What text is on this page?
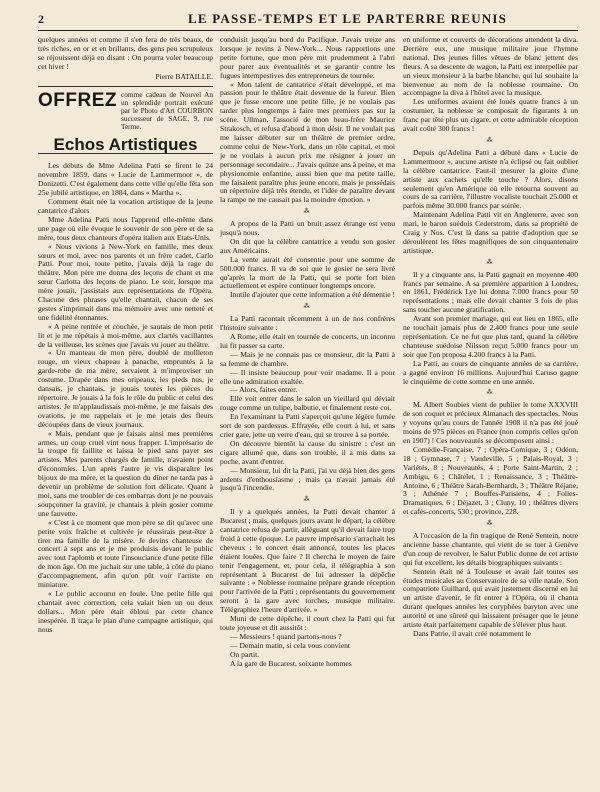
2	LE PASSE-TEMPS ET LE PARTERRE REUNIS

quelques années et comme il s'en fera de très beaux, de très riches, en or et en brillants, des gens peu scrupuleux se réjouissent déjà en disant : On pourra voler beaucoup cet hiver !

Pierre BATAILLE.
OFFREZ comme cadeau de Nouvel An un splendide portrait exécuté par le Photo d'Art COURBON successeur de SAGE, 9, rue Terme.
Echos Artistiques

Les débuts de Mme Adelina Patti se firent le 24 novembre 1859, dans « Lucie de Lammermoor », de Donizetti. C'est également dans cette ville qu'elle fêta son 25e jubilé artistique, en 1884, dans « Martha ».

Comment était née la vocation artistique de la jeune cantatrice d'alors

Mme Adelina Patti nous l'apprend elle-même dans une page où elle évoque le souvenir de son père et de sa mère, tous deux chanteurs d'opéra italien aux Etats-Unis.

« Nous vivions à New-York en famille, mes deux sœurs et moi, avec nos parents et un frère cadet, Carlo Patti. Pour moi, toute petite, j'avais déjà la rage du théâtre. Mon père me donna des leçons de chant et ma sœur Carlotta des leçons de piano. Le soir, lorsque ma mère jouait, j'assistais aux représentations de l'Opéra. Chacune des phrases qu'elle chantait, chacun de ses gestes s'imprimait dans ma mémoire avec une netteté et une fidélité étonnantes.

« A peine rentrée et couchée, je sautais de mon petit lit et je me répétais à moi-même, aux clartés vacillantes de la veilleuse, les scènes que j'avais vu jouer au théâtre.

« Un manteau de mon père, doublé de mollleton rouge, un vieux chapeau à panache, empruntés à la garde-robe de ma mère, servaient à m'improviser un costume. Drapée dans mes oripeaux, les pieds nus, je dansais, je chantais, je jouais toutes les pièces du répertoire. Je jouais à la fois le rôle du public et celui des artistes. Je m'applaudissais moi-même, je me faisais des ovations, je me rappelais et je me jetais des fleurs découpées dans de vieux journaux.

« Mais, pendant que je faisais ainsi mes premières armes, un coup cruel vint nous frapper. L'imprésario de la troupe fit faillite et laissa le pied sans payer ses artistes. Mes parents chargés de famille, n'avaient point d'économies. L'un après l'autre je vis disparaître les bijoux de ma mère, et la question du dîner ne tarda pas à devenir un problème de solution fort délicate. Quant à moi, sans me troubler de ces embarras dont je ne pouvais soupçonner la gravité, je chantais à plein gosier comme une fauvette.

« C'est à ce moment que mon père se dit qu'avec une petite voix fraîche et cultivée je réussirais peut-être à tirer ma famille de la misère. Je devins chanteuse de concert à sept ans et je me produisis devant le public avec tout l'aplomb et toute l'insouciance d'une petite fille de mon âge. On me juchait sur une table, à côté du piano d'accompagnement, afin qu'on pût voir l'artiste en miniature.

« Le public accourut en foule. Une petite fille qui chantait avec correction, cela valait bien un ou deux dollars... Mon père était ébloui par cette chance inespérée. Il traça le plan d'une campagne artistique, qui nous

conduisit jusqu'au bord du Pacifique. J'avais treize ans lorsque je revins à New-York... Nous rapportions une petite fortune, que mon père mit prudemment à l'abri pour parer aux éventualités et se garantir contre les fugues intempestives des entrepreneurs de tournée.

« Mon talent de cantatrice s'était développé, et ma passion pour le théâtre était devenue de la fureur. Bien que je fusse encore une petite fille, je ne voulais pas tarder plus longtemps à faire mes premiers pas sur la scène. Ullman, l'associé de mon beau-frère Maurice Strakosch, et refusa d'abord à mon désir. Il ne voulait pas me laisser débuter sur un théâtre de premier ordre, comme celui de New-York, dans un rôle capital, et moi je ne voulais à aucun prix me résigner à jouer un personnage secondaire... J'avais quinze ans à peine, et ma physionomie enfantine, aussi bien que ma petite taille, me faisaient paraître plus jeune encore, mais je possédais un répertoire déjà très étendu, et l'idée de paraître devant la rampe ne me causait pas la moindre émotion. »

⁂

A propos de la Patti un bruit assez étrange est venu jusqu'à nous.

On dit que la célèbre cantatrice a vendu son gosier aux Américains.

La vente aurait été consentie pour une somme de 500.000 francs. Il va de soi que le gosier ne sera livré qu'après la mort de la Patti, qui se porte fort bien actuellement et espère continuer longtemps encore.

Inutile d'ajouter que cette information a été démentie !

⁂

La Patti racontait récemment à un de nos confrères l'histoire suivante :

A Rome, elle était en tournée de concerts, un inconnu lui fit passer sa carte.

— Mais je ne connais pas ce monsieur, dit la Patti à sa femme de chambre.

— Il insiste beaucoup pour voir madame. Il a pour elle une admiration exaltée.

— Alors, faites entrer.

Elle voit entrer dans le salon un vieillard qui déviait rouge comme un tulipe, balbutie, et finalement reste coi.

En l'examinant la Patti s'aperçoit qu'une légère fumée sort de son pardessus. Effrayée, elle court à lui, et sans crier gare, jette un verre d'eau, qui se trouve à sa portée.

On découvre bientôt la cause du sinistre : c'est un cigare allumé que, dans son trouble, il a mis dans sa poche, avant d'entrer.

— Monsieur, lui dit la Patti, j'ai vu déjà bien des gens ardents d'enthousiasme ; mais ça n'avait jamais été jusqu'à l'incendie.

⁂

Il y a quelques années, la Patti devait chanter à Bucarest ; mais, quelques jours avant le départ, la célèbre cantatrice refusa de partir, alléguant qu'il devait faire trop froid à cette époque. Le pauvre imprésario s'arrachait les cheveux : le concert était annoncé, toutes les places étaient louées. Que faire ? Il chercha le moyen de faire tenir l'engagement, et, pour cela, il télégraphia à son représentant à Bucarest de lui adresser la dépêche suivante : « Noblesse roumaine prépare grande réception pour l'arrivée de la Patti ; représentants du gouvernement seront à la gare avec torches, musique militaire. Télégraphiez l'heure d'arrivée. »

Muni de cette dépêche, il court chez la Patti qui fut toute joyeuse et dit aussitôt :

— Messieurs ! quand partons-nous ?

— Demain matin, si cela vous convient

On partit.

A la gare de Bucarest, soixante hommes

en uniforme et couverts de décorations attendent la diva. Derrière eux, une musique militaire joue l'hymne national. Des jeunes filles vêtues de blanc jettent des fleurs. A sa descente de wagon, la Patti est interpellée par un vieux monsieur à la barbe blanche, qui lui souhaite la bienvenue au nom de la noblesse roumaine. On accompagne la diva à l'hôtel avec la musique.

Les uniformes avaient été loués quatre francs à un costumier, la noblesse se composait de figurants à un franc par tête plus un cigare, et cette admirable réception avait coûté 300 francs !

⁂

Depuis qu'Adelina Patti a débuté dans « Lucie de Lammermoor », aucune artiste n'a éclipsé ou fait oublier la célèbre cantatrice. Faut-il mesurer la gloire d'une artiste aux cachets qu'elle touche ? Alors, disons seulement qu'en Amérique où elle retourna souvent au cours de sa carrière, l'illustre vocaliste touchait 25.000 et parfois même 30.000 francs par soirée.

Maintenant Adelina Patti vit en Angleterre, avec son mari, le baron suédois Cederstrom, dans sa propriété de Craig y Nos. C'est là dans sa patrie d'adoption que se déroulèrent les fêtes magnifiques de son cinquantenaire artistique.

⁂

Il y a cinquante ans, la Patti gagnait en moyenne 400 francs par semaine. A sa première apparition à Londres, en 1861, Frédérick Lye lui donna 7.000 francs pour 50 représentations ; mais elle devait chanter 3 fois de plus sans toucher aucune gratification.

Avant son premier mariage, qui eut lieu en 1865, elle ne touchait jamais plus de 2.400 francs pour une seule représentation. Ce ne fut que plus tard, quand la célèbre chanteuse suédoise Nilsson reçut 5.000 francs pour un soir que l'on proposa 4.200 francs à la Patti.

La Patti, au cours de cinquante années de sa carrière, a gagné environ 16 millions. Aujourd'hui Caruso gagne le cinquième de cette somme en une année.

⁂

M. Albert Soubies vient de publier le tome XXXVIII de son coquet et précieux Almanach des spectacles. Nous y voyons qu'au cours de l'année 1908 il n'a pas été joué moins de 975 pièces en France (non compris celles qu'on en 1907) ! Ces nouveautés se décomposent ainsi :

Comédie-Française, 7 ; Opéra-Comique, 3 ; Odéon, 18 ; Gymnase, 7 ; Vaudeville, 5 ; Palais-Royal, 3 ; Variétés, 8 ; Nouveautés, 4 ; Porte Saint-Martin, 2 ; Ambigu, 6 ; Châtelet, 1 ; Renaissance, 3 ; Théâtre-Antoine, 6 ; Théâtre Sarah-Bernhardt, 3 ; Théâtre Réjane, 3 ; Athénée 7 ; Bouffes-Parisiens, 4 ; Folies-Dramatiques, 6 ; Déjazet, 3 ; Cluny, 10 ; théâtres divers et cafés-concerts, 530 ; province, 228.

⁂

A l'occasion de la fin tragique de René Sentein, notre ancienne basse chantante, qui vient de se tuer à Genève d'un coup de revolver, le Salut Public donne de cet artiste qui fut excellent, les détails biographiques suivants :

Sentein était né à Toulouse et avait fait toutes ses études musicales au Conservatoire de sa ville natale. Son compatriote Guilhard, qui avait justement discerné en lui un artiste d'avenir, le fit entrer à l'Opéra, où il chanta durant quelques années les coryphées baryton avec une autorité et une sûreté qui laissaient présager que le jeune artiste était parfaitement capable de s'élever plus haut.

Dans Patrie, il avait créé notamment le
